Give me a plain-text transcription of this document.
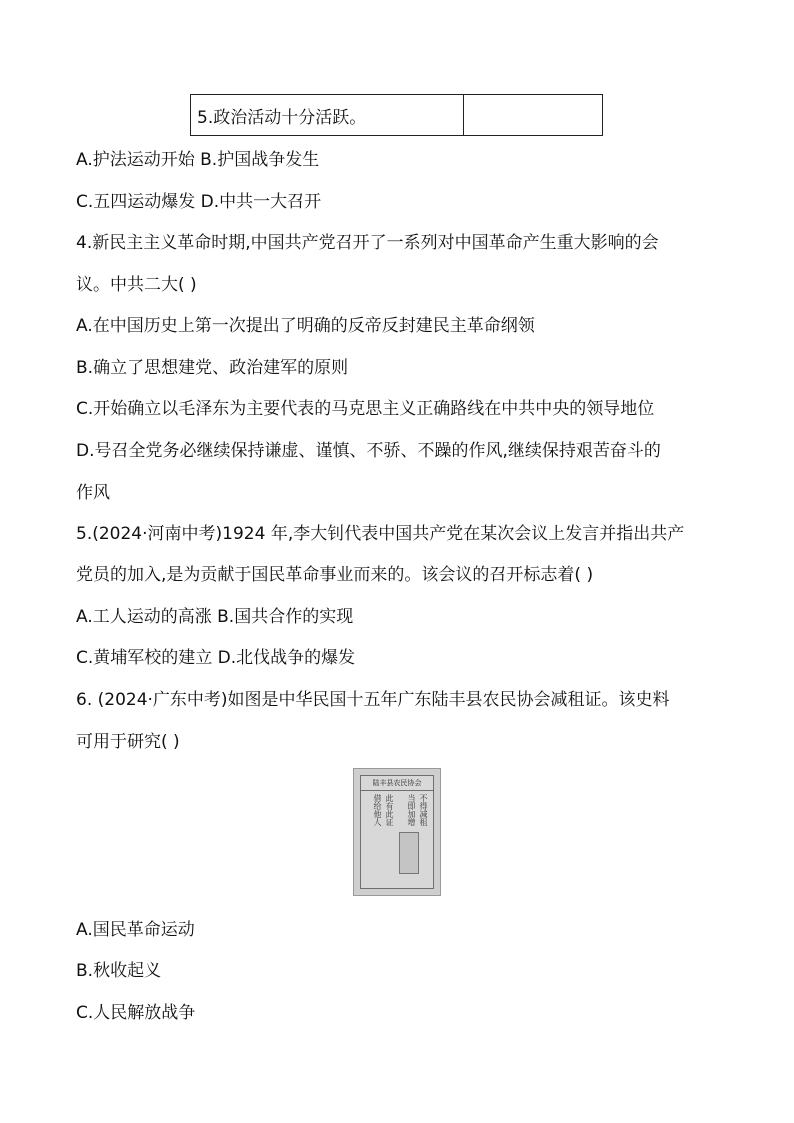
5.政治活动十分活跃。	
A.护法运动开始 B.护国战争发生
C.五四运动爆发 D.中共一大召开
4.新民主主义革命时期,中国共产党召开了一系列对中国革命产生重大影响的会
议。中共二大( )
A.在中国历史上第一次提出了明确的反帝反封建民主革命纲领
B.确立了思想建党、政治建军的原则
C.开始确立以毛泽东为主要代表的马克思主义正确路线在中共中央的领导地位
D.号召全党务必继续保持谦虚、谨慎、不骄、不躁的作风,继续保持艰苦奋斗的
作风
5.(2024·河南中考)1924 年,李大钊代表中国共产党在某次会议上发言并指出共产
党员的加入,是为贡献于国民革命事业而来的。该会议的召开标志着( )
A.工人运动的高涨 B.国共合作的实现
C.黄埔军校的建立 D.北伐战争的爆发
6. (2024·广东中考)如图是中华民国十五年广东陆丰县农民协会减租证。该史料
可用于研究( )
陆丰县农民协会
不得减租
当即加增
此有此证
借给他人
A.国民革命运动
B.秋收起义
C.人民解放战争
